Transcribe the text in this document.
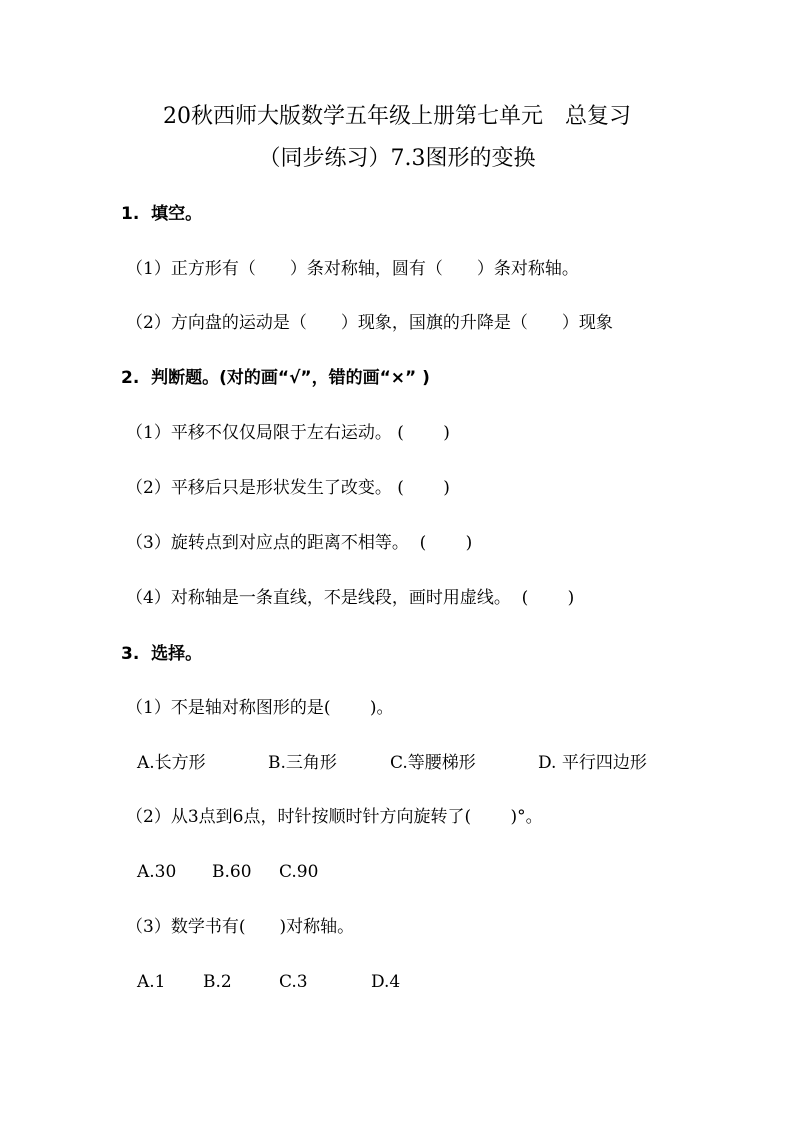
20秋西师大版数学五年级上册第七单元　总复习
（同步练习）7.3图形的变换
1.  填空。
（1）正方形有（　　）条对称轴，圆有（　　）条对称轴。
（2）方向盘的运动是（　　）现象，国旗的升降是（　　）现象
2.  判断题。(对的画“√”，错的画“×” )
（1）平移不仅仅局限于左右运动。 (　　 )
（2）平移后只是形状发生了改变。 (　　 )
（3）旋转点到对应点的距离不相等。  (　　 )
（4）对称轴是一条直线，不是线段，画时用虚线。  (　　 )
3.  选择。
（1）不是轴对称图形的是(　　 )。
A.长方形	B.三角形	C.等腰梯形	D. 平行四边形
（2）从3点到6点，时针按顺时针方向旋转了(　　 )°。
A.30 B.60 C.90
（3）数学书有(　　)对称轴。
A.1 B.2	C.3	D.4
